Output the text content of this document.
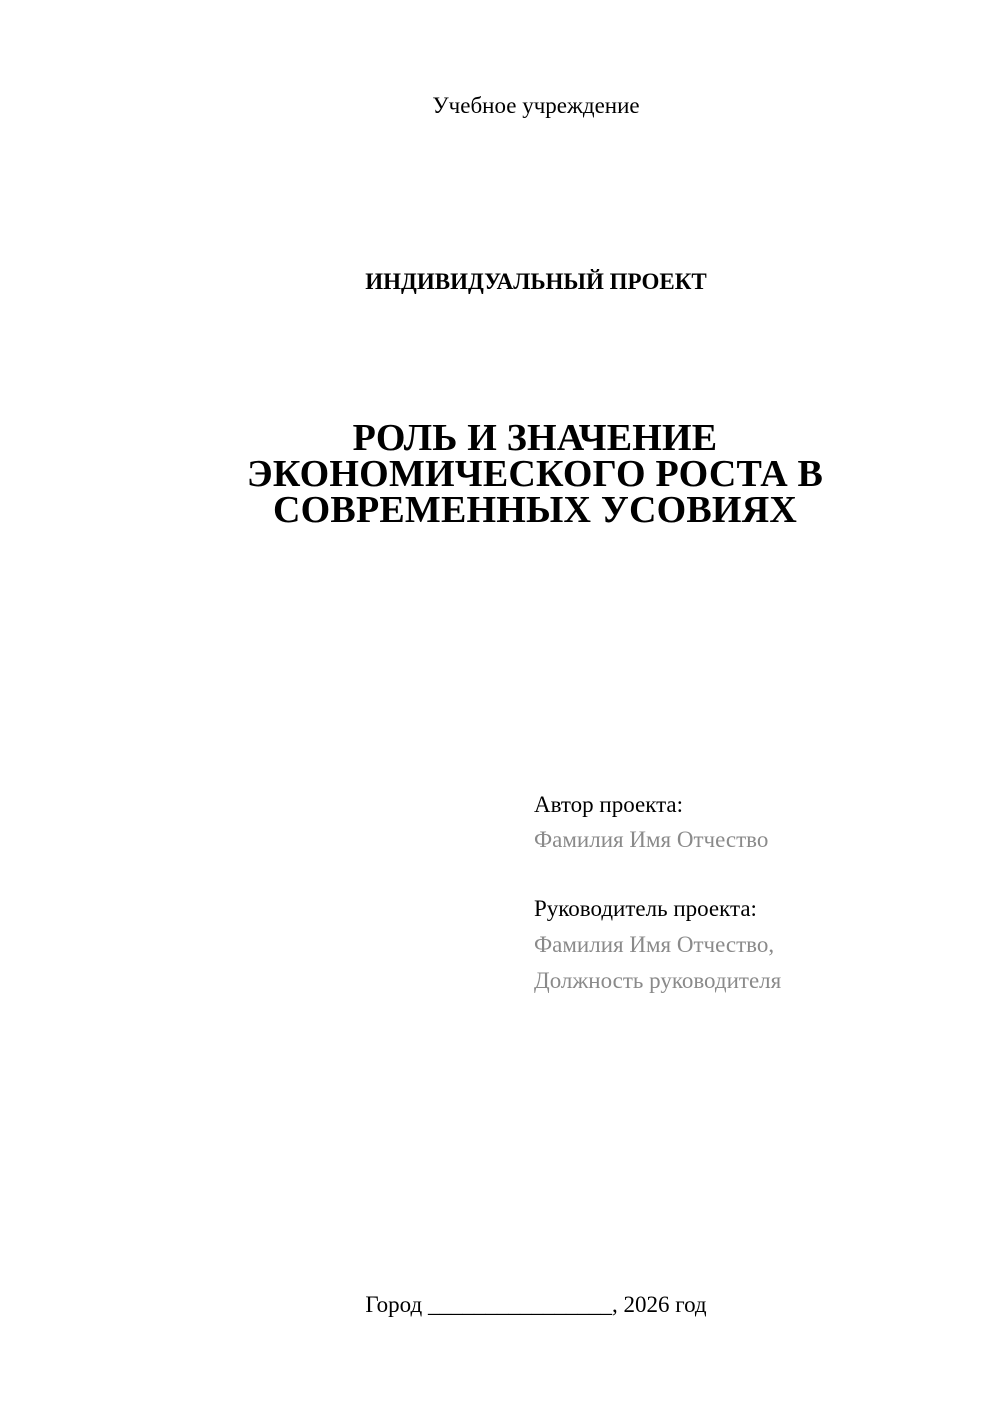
Учебное учреждение
ИНДИВИДУАЛЬНЫЙ ПРОЕКТ
РОЛЬ И ЗНАЧЕНИЕ
ЭКОНОМИЧЕСКОГО РОСТА В
СОВРЕМЕННЫХ УСОВИЯХ
Автор проекта:
Фамилия Имя Отчество
Руководитель проекта:
Фамилия Имя Отчество,
Должность руководителя
Город ________________, 2026 год
